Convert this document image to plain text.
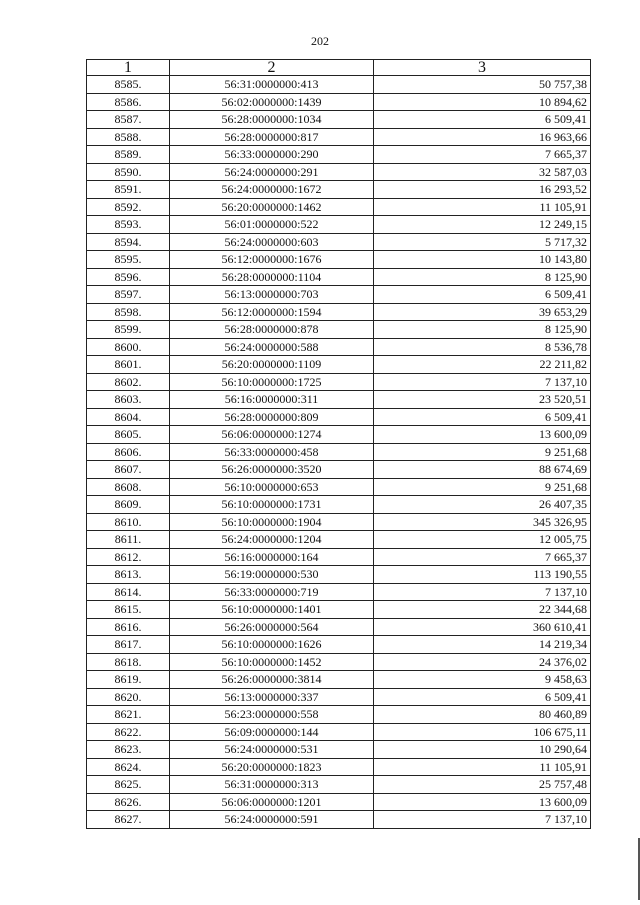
202
1	2	3
8585.	56:31:0000000:413	50 757,38
8586.	56:02:0000000:1439	10 894,62
8587.	56:28:0000000:1034	6 509,41
8588.	56:28:0000000:817	16 963,66
8589.	56:33:0000000:290	7 665,37
8590.	56:24:0000000:291	32 587,03
8591.	56:24:0000000:1672	16 293,52
8592.	56:20:0000000:1462	11 105,91
8593.	56:01:0000000:522	12 249,15
8594.	56:24:0000000:603	5 717,32
8595.	56:12:0000000:1676	10 143,80
8596.	56:28:0000000:1104	8 125,90
8597.	56:13:0000000:703	6 509,41
8598.	56:12:0000000:1594	39 653,29
8599.	56:28:0000000:878	8 125,90
8600.	56:24:0000000:588	8 536,78
8601.	56:20:0000000:1109	22 211,82
8602.	56:10:0000000:1725	7 137,10
8603.	56:16:0000000:311	23 520,51
8604.	56:28:0000000:809	6 509,41
8605.	56:06:0000000:1274	13 600,09
8606.	56:33:0000000:458	9 251,68
8607.	56:26:0000000:3520	88 674,69
8608.	56:10:0000000:653	9 251,68
8609.	56:10:0000000:1731	26 407,35
8610.	56:10:0000000:1904	345 326,95
8611.	56:24:0000000:1204	12 005,75
8612.	56:16:0000000:164	7 665,37
8613.	56:19:0000000:530	113 190,55
8614.	56:33:0000000:719	7 137,10
8615.	56:10:0000000:1401	22 344,68
8616.	56:26:0000000:564	360 610,41
8617.	56:10:0000000:1626	14 219,34
8618.	56:10:0000000:1452	24 376,02
8619.	56:26:0000000:3814	9 458,63
8620.	56:13:0000000:337	6 509,41
8621.	56:23:0000000:558	80 460,89
8622.	56:09:0000000:144	106 675,11
8623.	56:24:0000000:531	10 290,64
8624.	56:20:0000000:1823	11 105,91
8625.	56:31:0000000:313	25 757,48
8626.	56:06:0000000:1201	13 600,09
8627.	56:24:0000000:591	7 137,10
